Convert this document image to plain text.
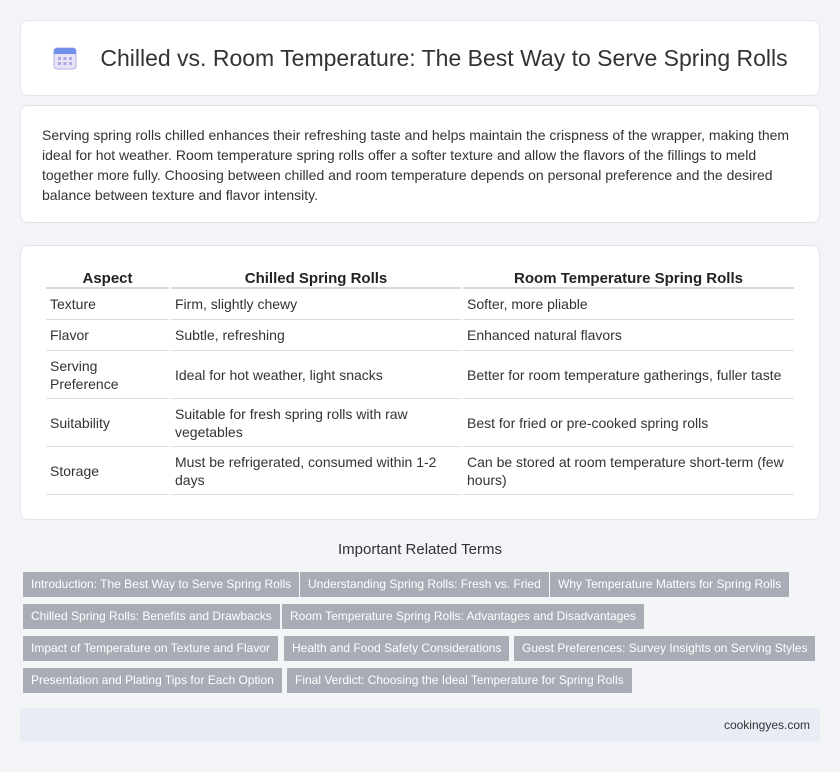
Chilled vs. Room Temperature: The Best Way to Serve Spring Rolls

Serving spring rolls chilled enhances their refreshing taste and helps maintain the crispness of the wrapper, making them ideal for hot weather. Room temperature spring rolls offer a softer texture and allow the flavors of the fillings to meld together more fully. Choosing between chilled and room temperature depends on personal preference and the desired balance between texture and flavor intensity.

Aspect	Chilled Spring Rolls	Room Temperature Spring Rolls
Texture	Firm, slightly chewy	Softer, more pliable
Flavor	Subtle, refreshing	Enhanced natural flavors
Serving Preference	Ideal for hot weather, light snacks	Better for room temperature gatherings, fuller taste
Suitability	Suitable for fresh spring rolls with raw vegetables	Best for fried or pre-cooked spring rolls
Storage	Must be refrigerated, consumed within 1-2 days	Can be stored at room temperature short-term (few hours)
Important Related Terms
Introduction: The Best Way to Serve Spring Rolls	Understanding Spring Rolls: Fresh vs. Fried	Why Temperature Matters for Spring Rolls
Chilled Spring Rolls: Benefits and Drawbacks	Room Temperature Spring Rolls: Advantages and Disadvantages
Impact of Temperature on Texture and Flavor	Health and Food Safety Considerations	Guest Preferences: Survey Insights on Serving Styles
Presentation and Plating Tips for Each Option	Final Verdict: Choosing the Ideal Temperature for Spring Rolls
cookingyes.com
